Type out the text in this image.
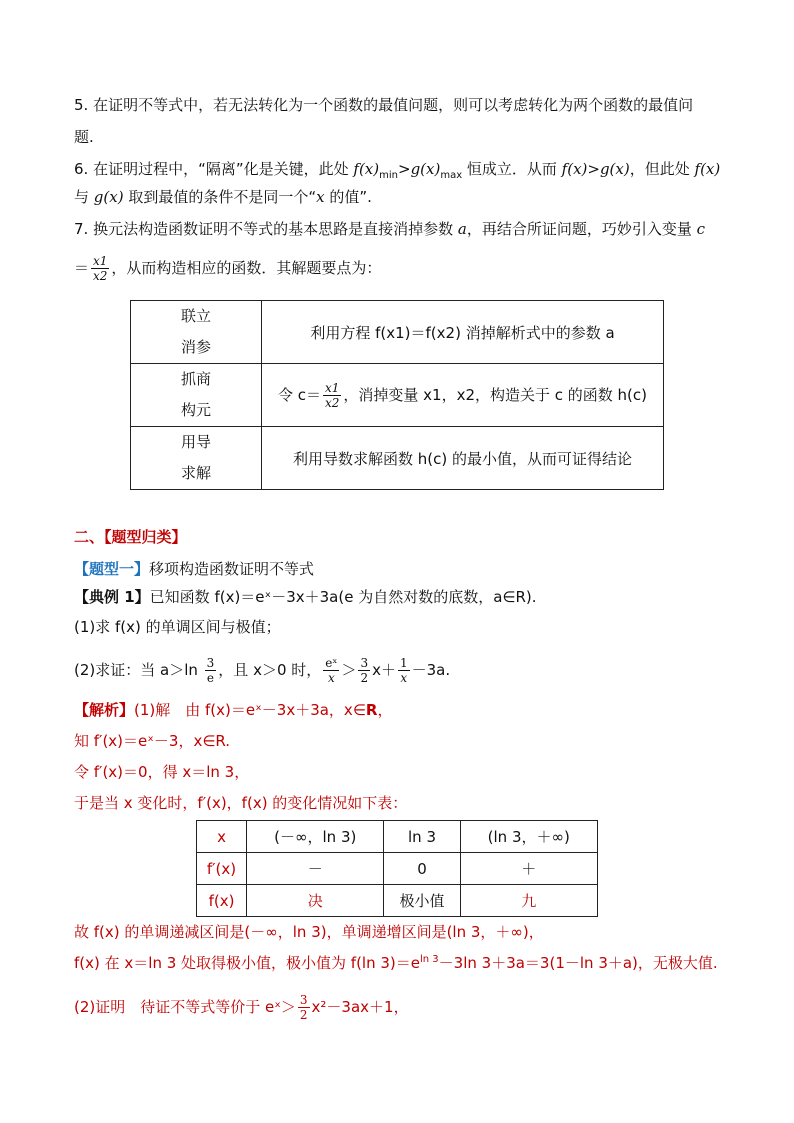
5. 在证明不等式中，若无法转化为一个函数的最值问题，则可以考虑转化为两个函数的最值问
题.
6. 在证明过程中，“隔离”化是关键，此处 $f(x)_{min}>g(x)_{max}$ 恒成立．从而 f(x)>g(x)，但此处 f(x)
与 g(x) 取到最值的条件不是同一个“x 的值”.
7. 换元法构造函数证明不等式的基本思路是直接消掉参数 a，再结合所证问题，巧妙引入变量 c
＝ $\frac{x1}{x2}$ ，从而构造相应的函数．其解题要点为：
联立
消参	利用方程 f(x1)＝f(x2) 消掉解析式中的参数 a
抓商
构元	令 $c= \frac{x1}{x2}$ ，消掉变量 x1，x2，构造关于 c 的函数 h(c)
用导
求解	利用导数求解函数 h(c) 的最小值，从而可证得结论
二、【题型归类】
【题型一】移项构造函数证明不等式
【典例 1】已知函数 f(x)＝eˣ－3x＋3a(e 为自然对数的底数，a∈R).
(1)求 f(x) 的单调区间与极值；
(2)求证：当 $a>\ln \frac{3}{e}$ ，且 x＞0 时， $\frac{\text{eˣ}}{x} > \frac{3}{2} x+ \frac{1}{x} -3a$.
【解析】(1)解　由 f(x)＝eˣ－3x＋3a，x∈R，
知 f′(x)＝eˣ－3，x∈R.
令 f′(x)＝0，得 x＝ln 3，
于是当 x 变化时，f′(x)，f(x) 的变化情况如下表：
x	(－∞，ln 3)	ln 3	(ln 3，＋∞)
f′(x)	－	0	＋
f(x)	决	极小值	九
故 f(x) 的单调递减区间是(－∞，ln 3)，单调递增区间是(ln 3，＋∞)，
f(x) 在 x＝ln 3 处取得极小值，极小值为 f(ln $3)=e^{ln 3}-3\ln$ 3＋3a＝3(1－ln 3＋a)，无极大值.
(2)证明　待证不等式等价于 eˣ＞ $\frac{3}{2} x^2-3ax+1$，
